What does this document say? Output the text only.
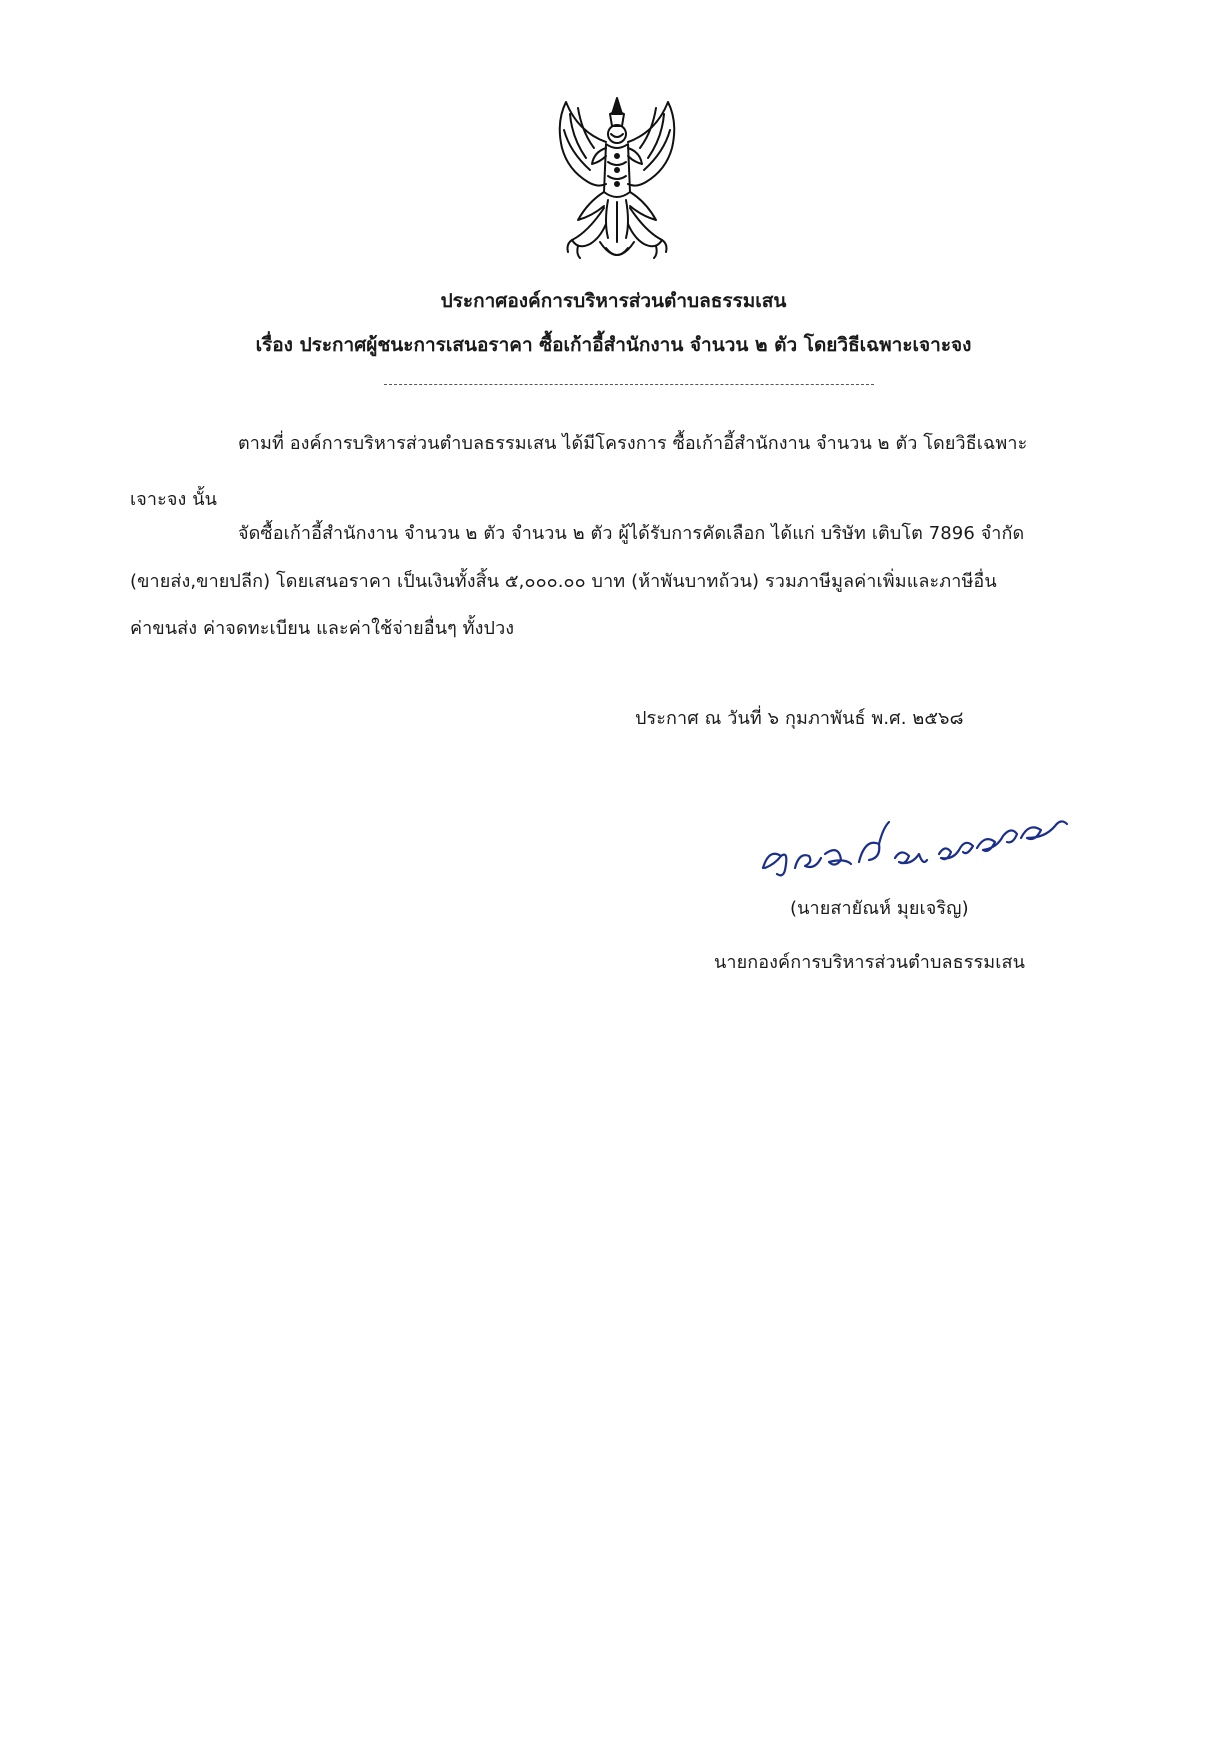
ประกาศองค์การบริหารส่วนตำบลธรรมเสน
เรื่อง ประกาศผู้ชนะการเสนอราคา ซื้อเก้าอี้สำนักงาน จำนวน ๒ ตัว โดยวิธีเฉพาะเจาะจง
ตามที่ องค์การบริหารส่วนตำบลธรรมเสน ได้มีโครงการ ซื้อเก้าอี้สำนักงาน จำนวน ๒ ตัว โดยวิธีเฉพาะ
เจาะจง นั้น
จัดซื้อเก้าอี้สำนักงาน จำนวน ๒ ตัว จำนวน ๒ ตัว ผู้ได้รับการคัดเลือก ได้แก่ บริษัท เติบโต 7896 จำกัด
(ขายส่ง,ขายปลีก) โดยเสนอราคา เป็นเงินทั้งสิ้น ๕,๐๐๐.๐๐ บาท (ห้าพันบาทถ้วน) รวมภาษีมูลค่าเพิ่มและภาษีอื่น
ค่าขนส่ง ค่าจดทะเบียน และค่าใช้จ่ายอื่นๆ ทั้งปวง
ประกาศ ณ วันที่ ๖ กุมภาพันธ์ พ.ศ. ๒๕๖๘
(นายสายัณห์ มุยเจริญ)
นายกองค์การบริหารส่วนตำบลธรรมเสน
